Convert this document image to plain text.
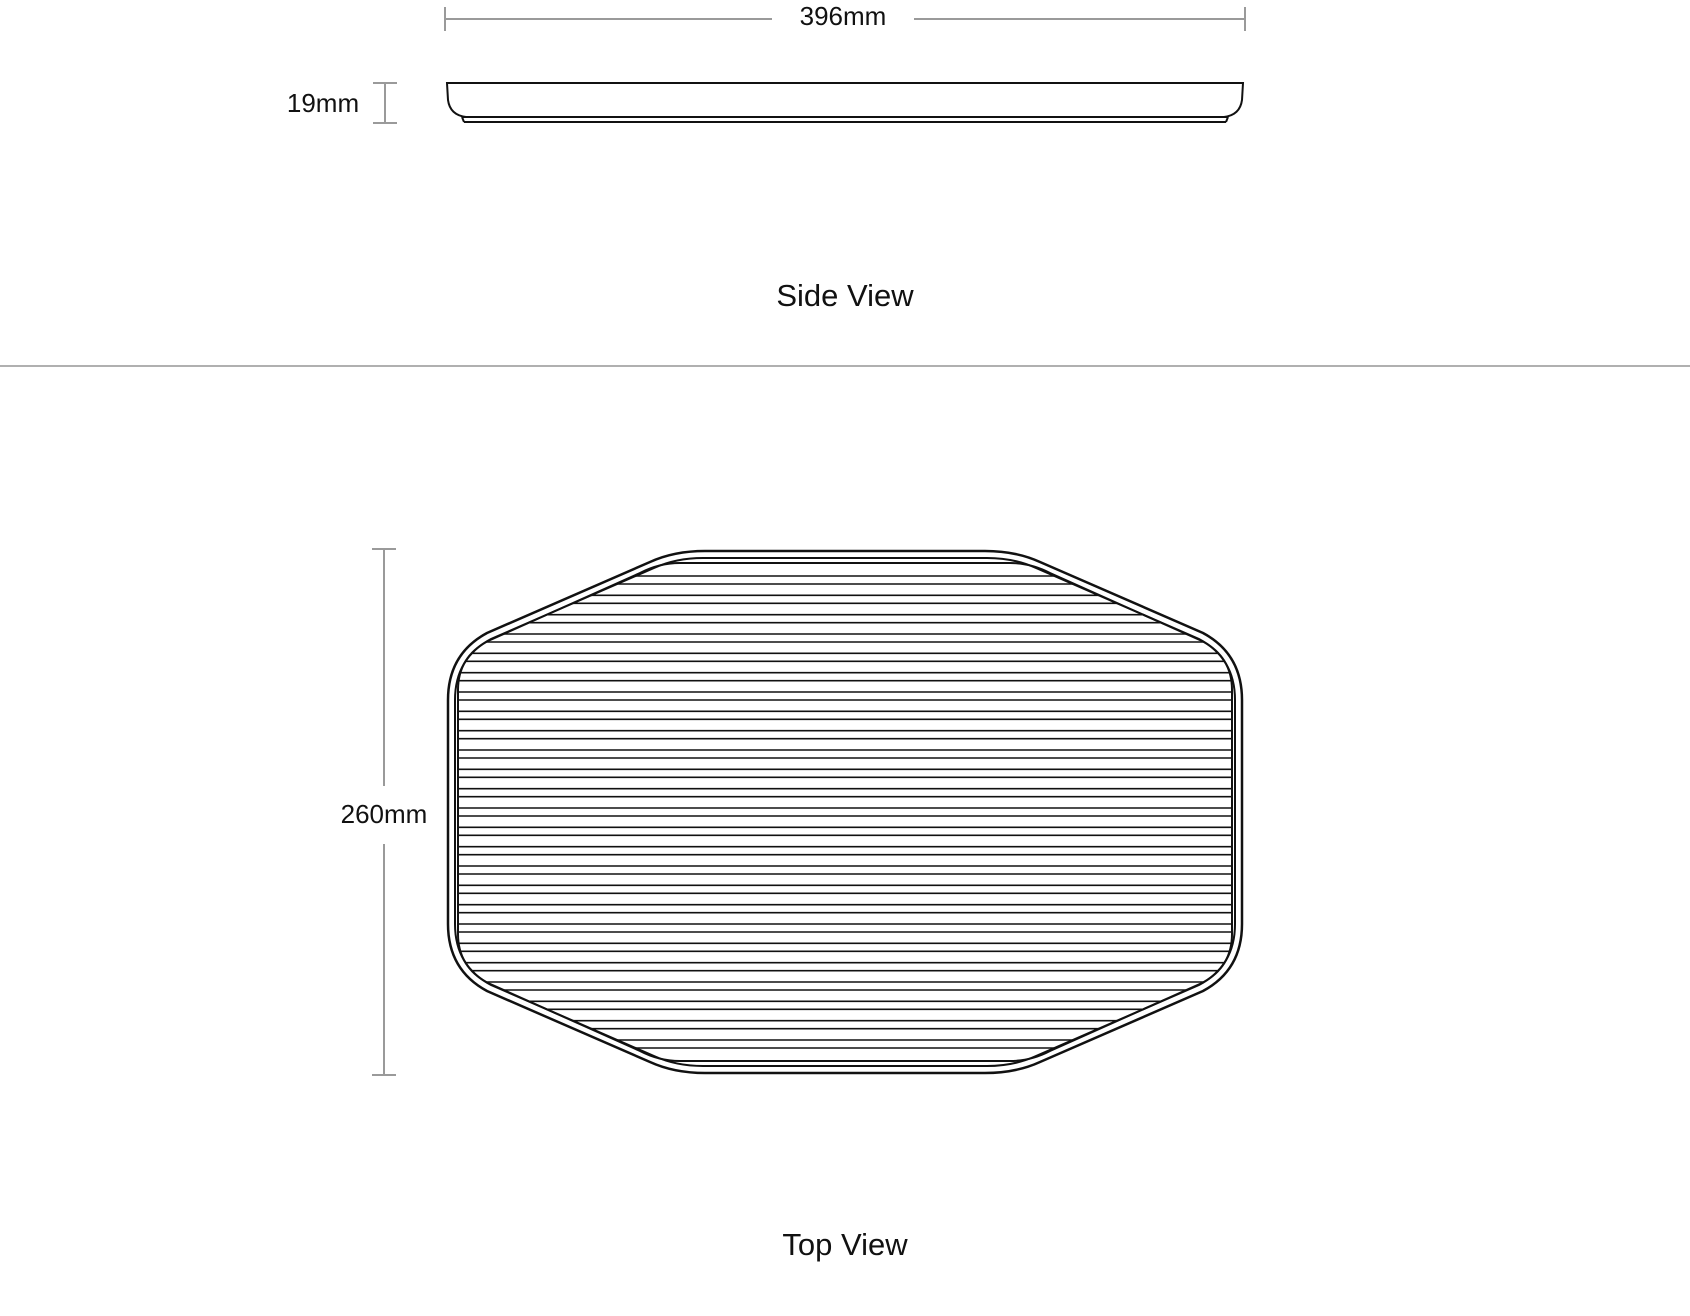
396mm
19mm
Side View
260mm
Top View
